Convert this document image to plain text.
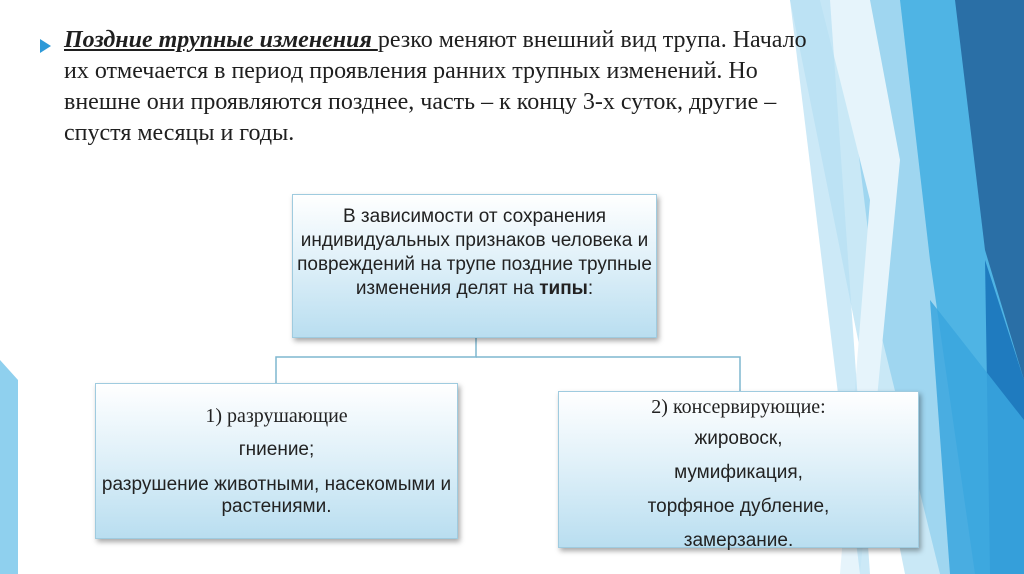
Поздние трупные изменения резко меняют внешний вид трупа. Начало их отмечается в период проявления ранних трупных изменений. Но внешне они проявляются позднее, часть – к концу 3-х суток, другие – спустя месяцы и годы.
В зависимости от сохранения индивидуальных признаков человека и повреждений на трупе поздние трупные изменения делят на типы:
1) разрушающие
гниение;
разрушение животными, насекомыми и растениями.
2) консервирующие:
жировоск,
мумификация,
торфяное дубление,
замерзание.
